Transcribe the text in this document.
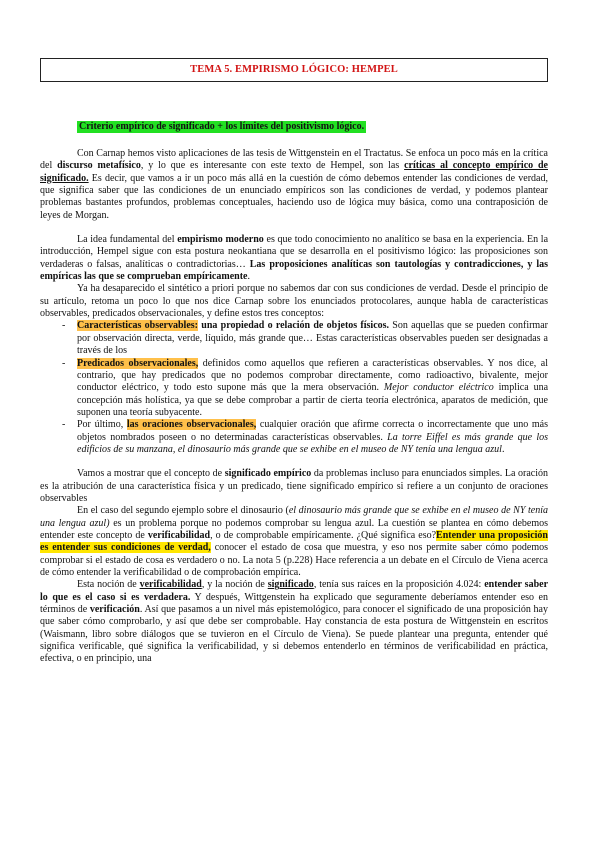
TEMA 5. EMPIRISMO LÓGICO: HEMPEL
Criterio empírico de significado + los límites del positivismo lógico.

Con Carnap hemos visto aplicaciones de las tesis de Wittgenstein en el Tractatus. Se enfoca un poco más en la crítica del discurso metafísico, y lo que es interesante con este texto de Hempel, son las críticas al concepto empírico de significado. Es decir, que vamos a ir un poco más allá en la cuestión de cómo debemos entender las condiciones de verdad, que significa saber que las condiciones de un enunciado empíricos son las condiciones de verdad, y podemos plantear problemas bastantes profundos, problemas conceptuales, haciendo uso de lógica muy básica, como una contraposición de leyes de Morgan.

La idea fundamental del empirismo moderno es que todo conocimiento no analítico se basa en la experiencia. En la introducción, Hempel sigue con esta postura neokantiana que se desarrolla en el positivismo lógico: las proposiciones son verdaderas o falsas, analíticas o contradictorias… Las proposiciones analíticas son tautologías y contradicciones, y las empíricas las que se comprueban empíricamente.

Ya ha desaparecido el sintético a priori porque no sabemos dar con sus condiciones de verdad. Desde el principio de su artículo, retoma un poco lo que nos dice Carnap sobre los enunciados protocolares, aunque habla de características observables, predicados observacionales, y define estos tres conceptos:

- Características observables: una propiedad o relación de objetos físicos. Son aquellas que se pueden confirmar por observación directa, verde, líquido, más grande que… Estas características observables pueden ser designadas a través de los
- Predicados observacionales, definidos como aquellos que refieren a características observables. Y nos dice, al contrario, que hay predicados que no podemos comprobar directamente, como radioactivo, bivalente, mejor conductor eléctrico, y todo esto supone más que la mera observación. Mejor conductor eléctrico implica una concepción más holística, ya que se debe comprobar a partir de cierta teoría electrónica, aparatos de medición, que suponen una teoría subyacente.
- Por último, las oraciones observacionales, cualquier oración que afirme correcta o incorrectamente que uno más objetos nombrados poseen o no determinadas características observables. La torre Eiffel es más grande que los edificios de su manzana, el dinosaurio más grande que se exhibe en el museo de NY tenía una lengua azul.

Vamos a mostrar que el concepto de significado empírico da problemas incluso para enunciados simples. La oración es la atribución de una característica física y un predicado, tiene significado empírico si refiere a un conjunto de oraciones observables

En el caso del segundo ejemplo sobre el dinosaurio (el dinosaurio más grande que se exhibe en el museo de NY tenía una lengua azul) es un problema porque no podemos comprobar su lengua azul. La cuestión se plantea en cómo debemos entender este concepto de verificabilidad, o de comprobable empíricamente. ¿Qué significa eso?Entender una proposición es entender sus condiciones de verdad, conocer el estado de cosa que muestra, y eso nos permite saber cómo podemos comprobar si el estado de cosa es verdadero o no. La nota 5 (p.228) Hace referencia a un debate en el Círculo de Viena acerca de cómo entender la verificabilidad o de comprobación empírica.

Esta noción de verificabilidad, y la noción de significado, tenía sus raíces en la proposición 4.024: entender saber lo que es el caso si es verdadera. Y después, Wittgenstein ha explicado que seguramente deberíamos entender eso en términos de verificación. Así que pasamos a un nivel más epistemológico, para conocer el significado de una proposición hay que saber cómo comprobarlo, y así que debe ser comprobable. Hay constancia de esta postura de Wittgenstein en escritos (Waismann, libro sobre diálogos que se tuvieron en el Círculo de Viena). Se puede plantear una pregunta, entender qué significa verificable, qué significa la verificabilidad, y si debemos entenderlo en términos de verificabilidad en práctica, efectiva, o en principio, una
